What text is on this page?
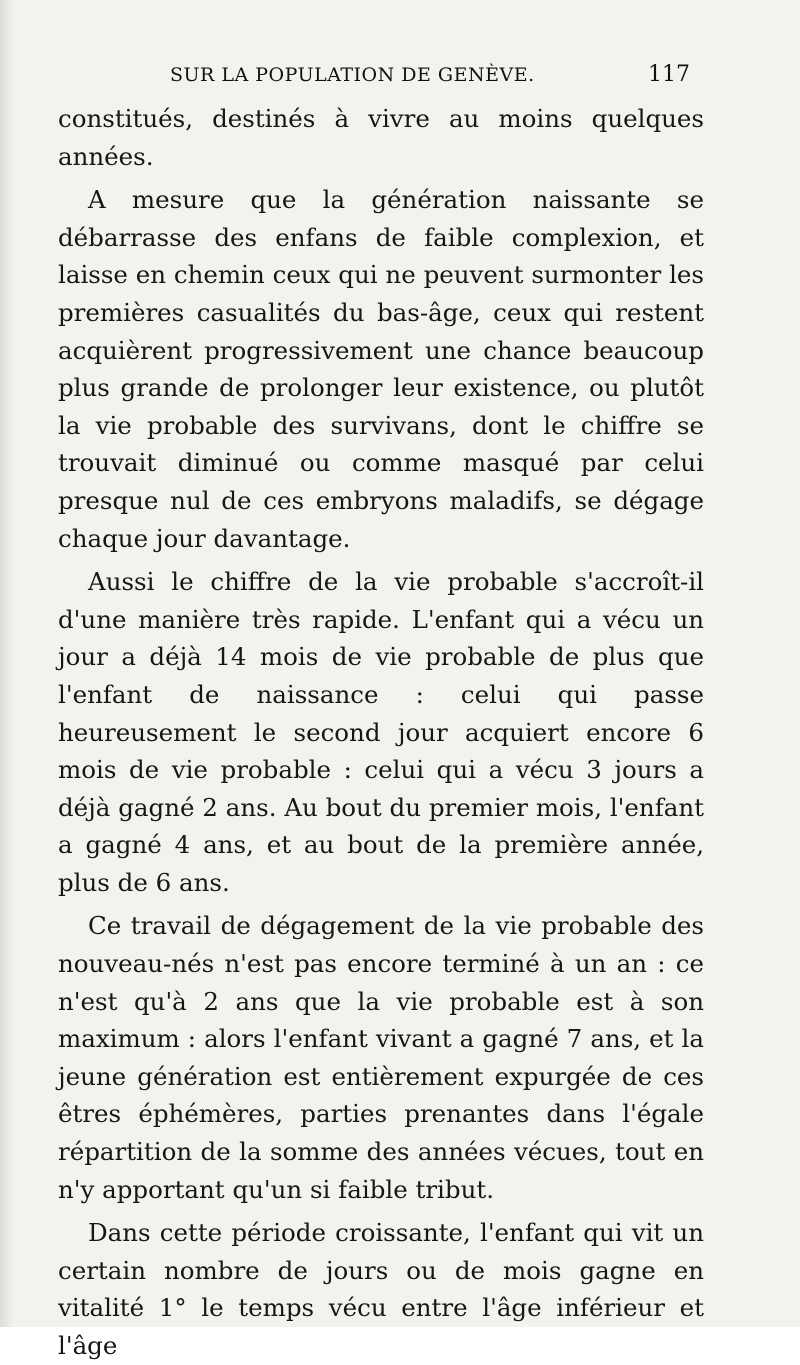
SUR LA POPULATION DE GENÈVE.	117

constitués, destinés à vivre au moins quelques années.

A mesure que la génération naissante se débarrasse des enfans de faible complexion, et laisse en chemin ceux qui ne peuvent surmonter les premières casualités du bas-âge, ceux qui restent acquièrent progressivement une chance beaucoup plus grande de prolonger leur existence, ou plutôt la vie probable des survivans, dont le chiffre se trouvait diminué ou comme masqué par celui presque nul de ces embryons maladifs, se dégage chaque jour davantage.

Aussi le chiffre de la vie probable s'accroît-il d'une manière très rapide. L'enfant qui a vécu un jour a déjà 14 mois de vie probable de plus que l'enfant de naissance : celui qui passe heureusement le second jour acquiert encore 6 mois de vie probable : celui qui a vécu 3 jours a déjà gagné 2 ans. Au bout du premier mois, l'enfant a gagné 4 ans, et au bout de la première année, plus de 6 ans.

Ce travail de dégagement de la vie probable des nouveau-nés n'est pas encore terminé à un an : ce n'est qu'à 2 ans que la vie probable est à son maximum : alors l'enfant vivant a gagné 7 ans, et la jeune génération est entièrement expurgée de ces êtres éphémères, parties prenantes dans l'égale répartition de la somme des années vécues, tout en n'y apportant qu'un si faible tribut.

Dans cette période croissante, l'enfant qui vit un certain nombre de jours ou de mois gagne en vitalité 1° le temps vécu entre l'âge inférieur et l'âge
